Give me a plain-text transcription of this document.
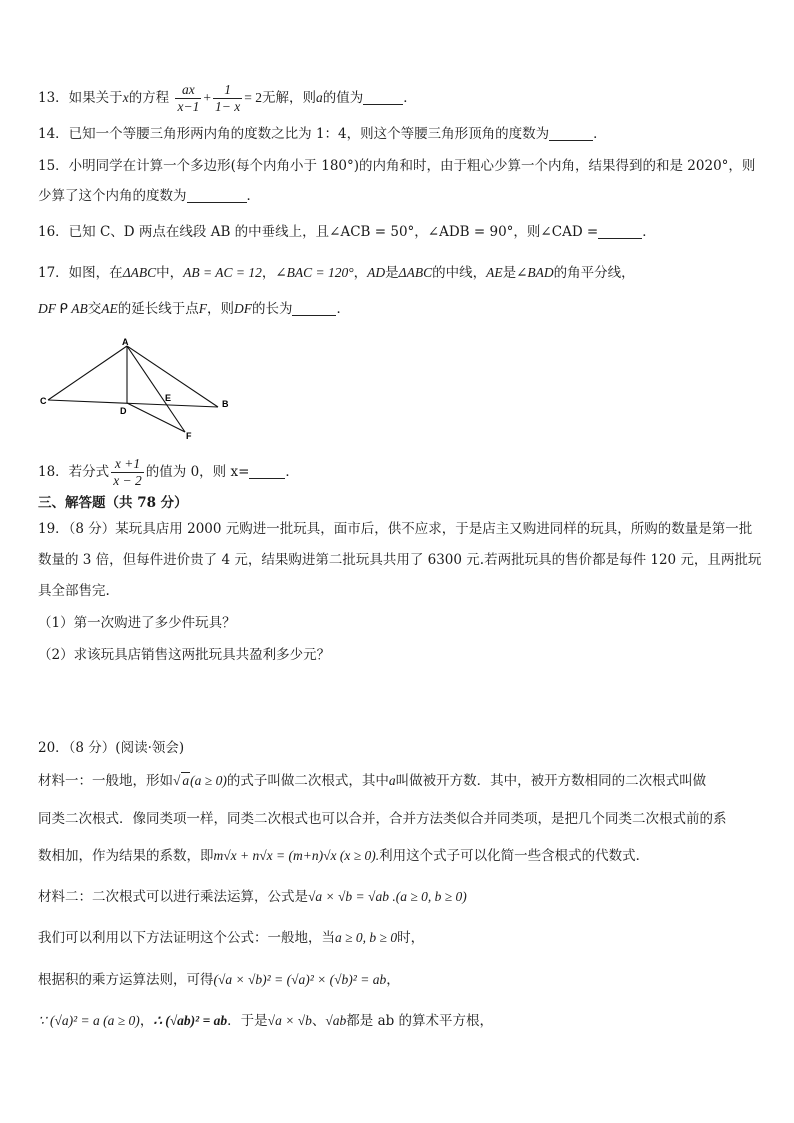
13．如果关于x的方程 $\frac{ax}{x-1} + \frac{1}{1- x} = 2$无解，则a的值为	．
14．已知一个等腰三角形两内角的度数之比为 1：4，则这个等腰三角形顶角的度数为	．
15．小明同学在计算一个多边形(每个内角小于 180°)的内角和时，由于粗心少算一个内角，结果得到的和是 2020°，则
少算了这个内角的度数为	．
16．已知 C、D 两点在线段 AB 的中垂线上，且∠ACB = 50°，∠ADB = 90°，则∠CAD =	．
17．如图，在ΔABC中，AB = AC = 12，∠BAC = 120°，AD是ΔABC的中线，AE是∠BAD的角平分线，
DF ᑭ AB交AE的延长线于点F，则DF的长为	．
A
C	B
D
E
F
18．若分式 $\frac{x +1}{x - 2}$ 的值为 0，则 x=	．
三、解答题（共 78 分）
19．（8 分）某玩具店用 2000 元购进一批玩具，面市后，供不应求，于是店主又购进同样的玩具，所购的数量是第一批
数量的 3 倍，但每件进价贵了 4 元，结果购进第二批玩具共用了 6300 元.若两批玩具的售价都是每件 120 元，且两批玩
具全部售完.
（1）第一次购进了多少件玩具？
（2）求该玩具店销售这两批玩具共盈利多少元？
20．（8 分）(阅读·领会)
材料一：一般地，形如√ a(a ≥ 0)的式子叫做二次根式，其中a叫做被开方数．其中，被开方数相同的二次根式叫做
同类二次根式．像同类项一样，同类二次根式也可以合并，合并方法类似合并同类项，是把几个同类二次根式前的系
数相加，作为结果的系数，即m√x + n√x = (m+n)√x (x ≥ 0).利用这个式子可以化简一些含根式的代数式．
材料二：二次根式可以进行乘法运算，公式是√a × √b = √ab .(a ≥ 0, b ≥ 0)
我们可以利用以下方法证明这个公式：一般地，当a ≥ 0, b ≥ 0时，
根据积的乘方运算法则，可得(√a × √b)² = (√a)² × (√b)² = ab，
∵ (√a)² = a (a ≥ 0)，∴ (√ab)² = ab．于是√a × √b、√ab都是 ab 的算术平方根，
